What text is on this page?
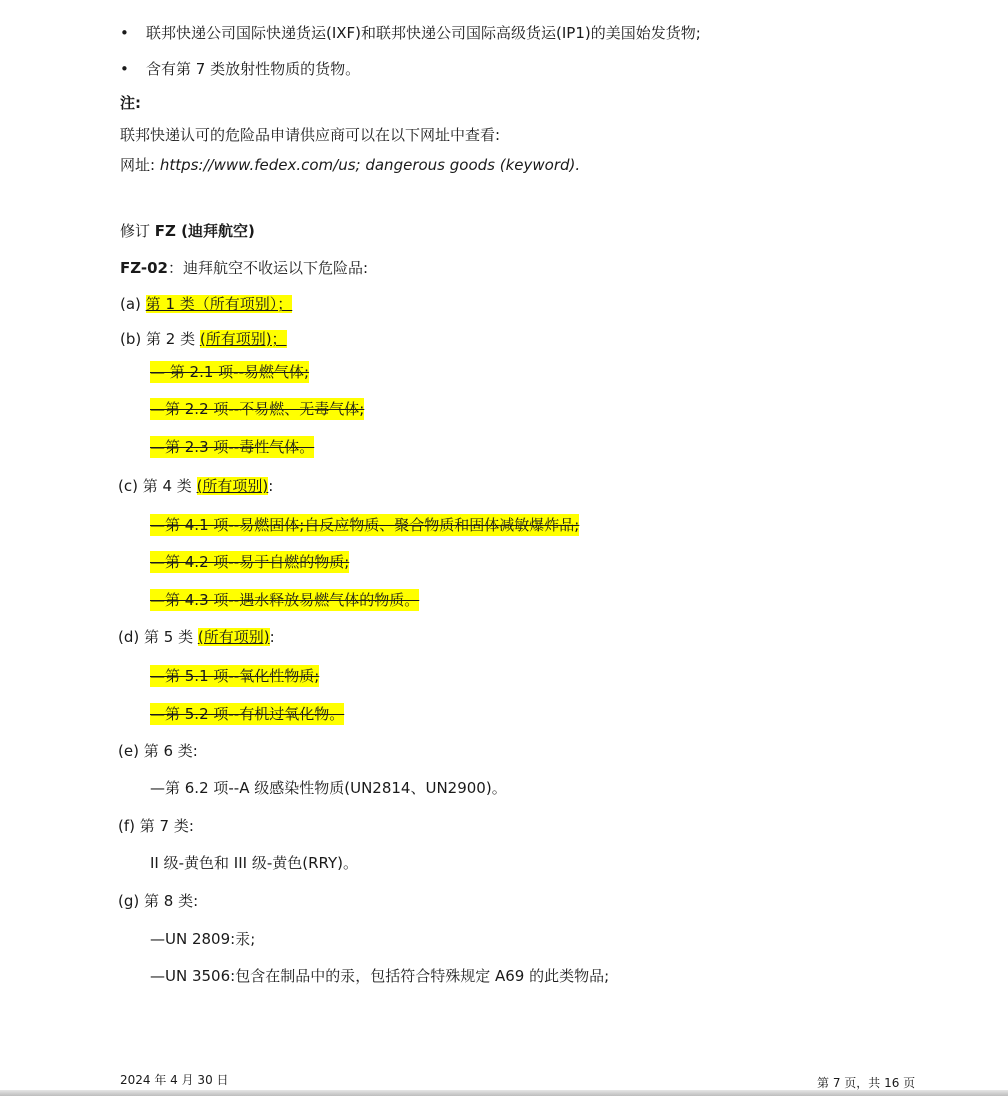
• 联邦快递公司国际快递货运(IXF)和联邦快递公司国际高级货运(IP1)的美国始发货物;
• 含有第 7 类放射性物质的货物。
注:
联邦快递认可的危险品申请供应商可以在以下网址中查看:
网址: https://www.fedex.com/us; dangerous goods (keyword).
修订 FZ (迪拜航空)
FZ-02：迪拜航空不收运以下危险品:
(a) 第 1 类（所有项别）；
(b) 第 2 类 (所有项别)；
— 第 2.1 项--易燃气体;
—第 2.2 项--不易燃、无毒气体;
—第 2.3 项--毒性气体。
(c) 第 4 类 (所有项别):
—第 4.1 项--易燃固体;自反应物质、聚合物质和固体减敏爆炸品;
—第 4.2 项--易于自燃的物质;
—第 4.3 项--遇水释放易燃气体的物质。
(d) 第 5 类 (所有项别):
—第 5.1 项--氧化性物质;
—第 5.2 项--有机过氧化物。
(e) 第 6 类:
—第 6.2 项--A 级感染性物质(UN2814、UN2900)。
(f) 第 7 类:
II 级-黄色和 III 级-黄色(RRY)。
(g) 第 8 类:
—UN 2809:汞;
—UN 3506:包含在制品中的汞，包括符合特殊规定 A69 的此类物品;
2024 年 4 月 30 日	第 7 页，共 16 页
